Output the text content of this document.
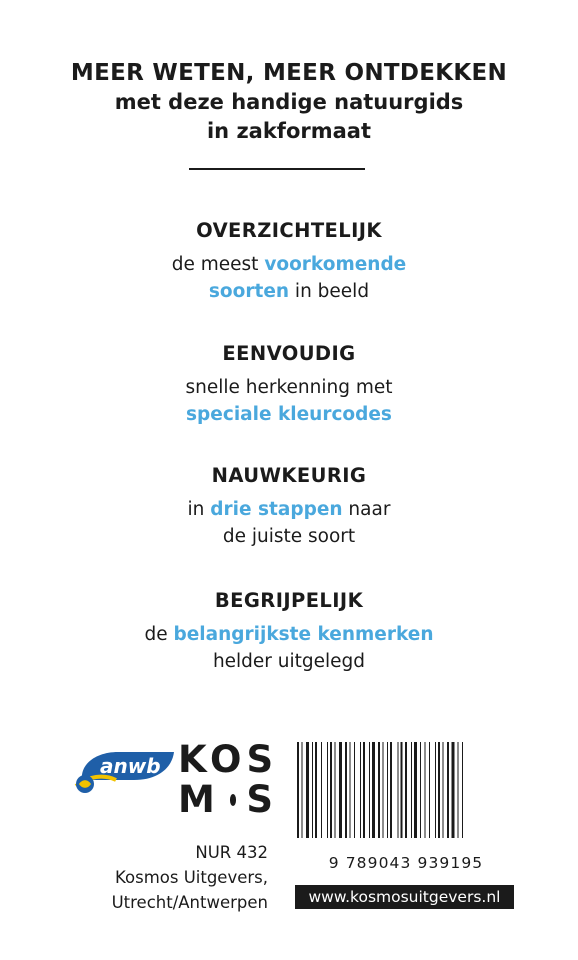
MEER WETEN, MEER ONTDEKKEN
met deze handige natuurgids
in zakformaat
OVERZICHTELIJK
de meest voorkomende
soorten in beeld
EENVOUDIG
snelle herkenning met
speciale kleurcodes
NAUWKEURIG
in drie stappen naar
de juiste soort
BEGRIJPELIJK
de belangrijkste kenmerken
helder uitgelegd
anwb KOS
M S
NUR 432
Kosmos Uitgevers,
Utrecht/Antwerpen
9 789043 939195
www.kosmosuitgevers.nl
